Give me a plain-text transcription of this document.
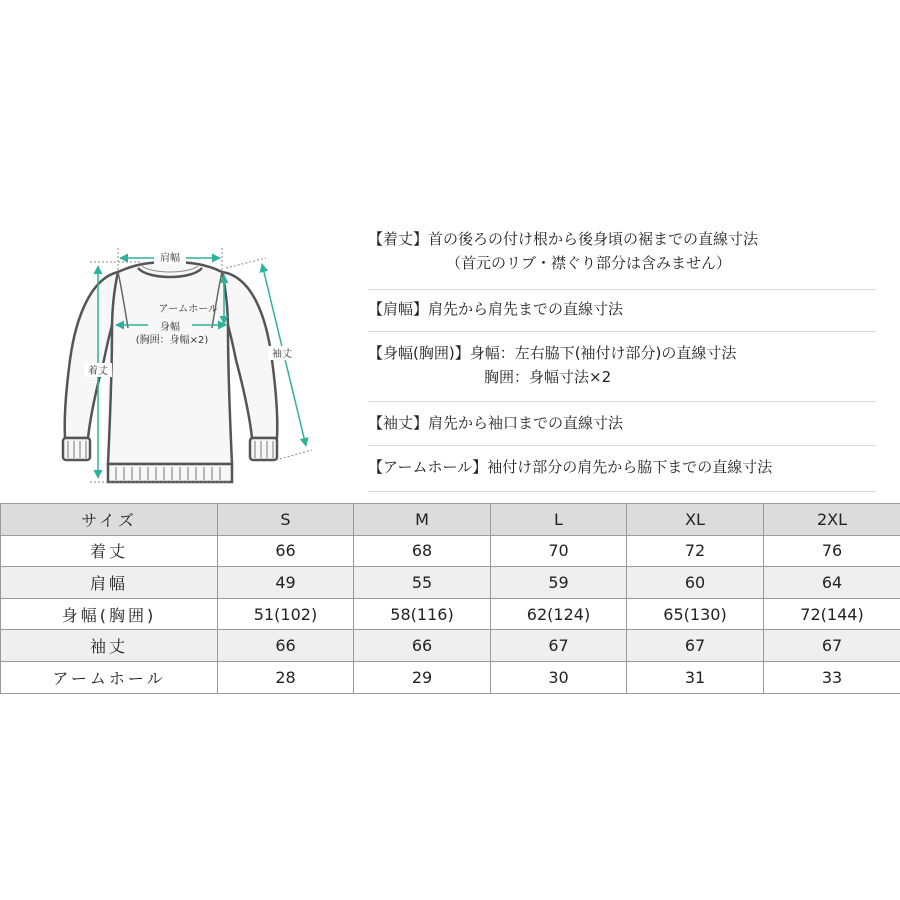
肩幅
アームホール
身幅
(胸囲：身幅×2)
着丈
袖丈
【着丈】首の後ろの付け根から後身頃の裾までの直線寸法
（首元のリブ・襟ぐり部分は含みません）
【肩幅】肩先から肩先までの直線寸法
【身幅(胸囲)】身幅：左右脇下(袖付け部分)の直線寸法
胸囲：身幅寸法×2
【袖丈】肩先から袖口までの直線寸法
【アームホール】袖付け部分の肩先から脇下までの直線寸法
サイズ	S	M	L	XL	2XL
着丈	66	68	70	72	76
肩幅	49	55	59	60	64
身幅(胸囲)	51(102)	58(116)	62(124)	65(130)	72(144)
袖丈	66	66	67	67	67
アームホール	28	29	30	31	33
